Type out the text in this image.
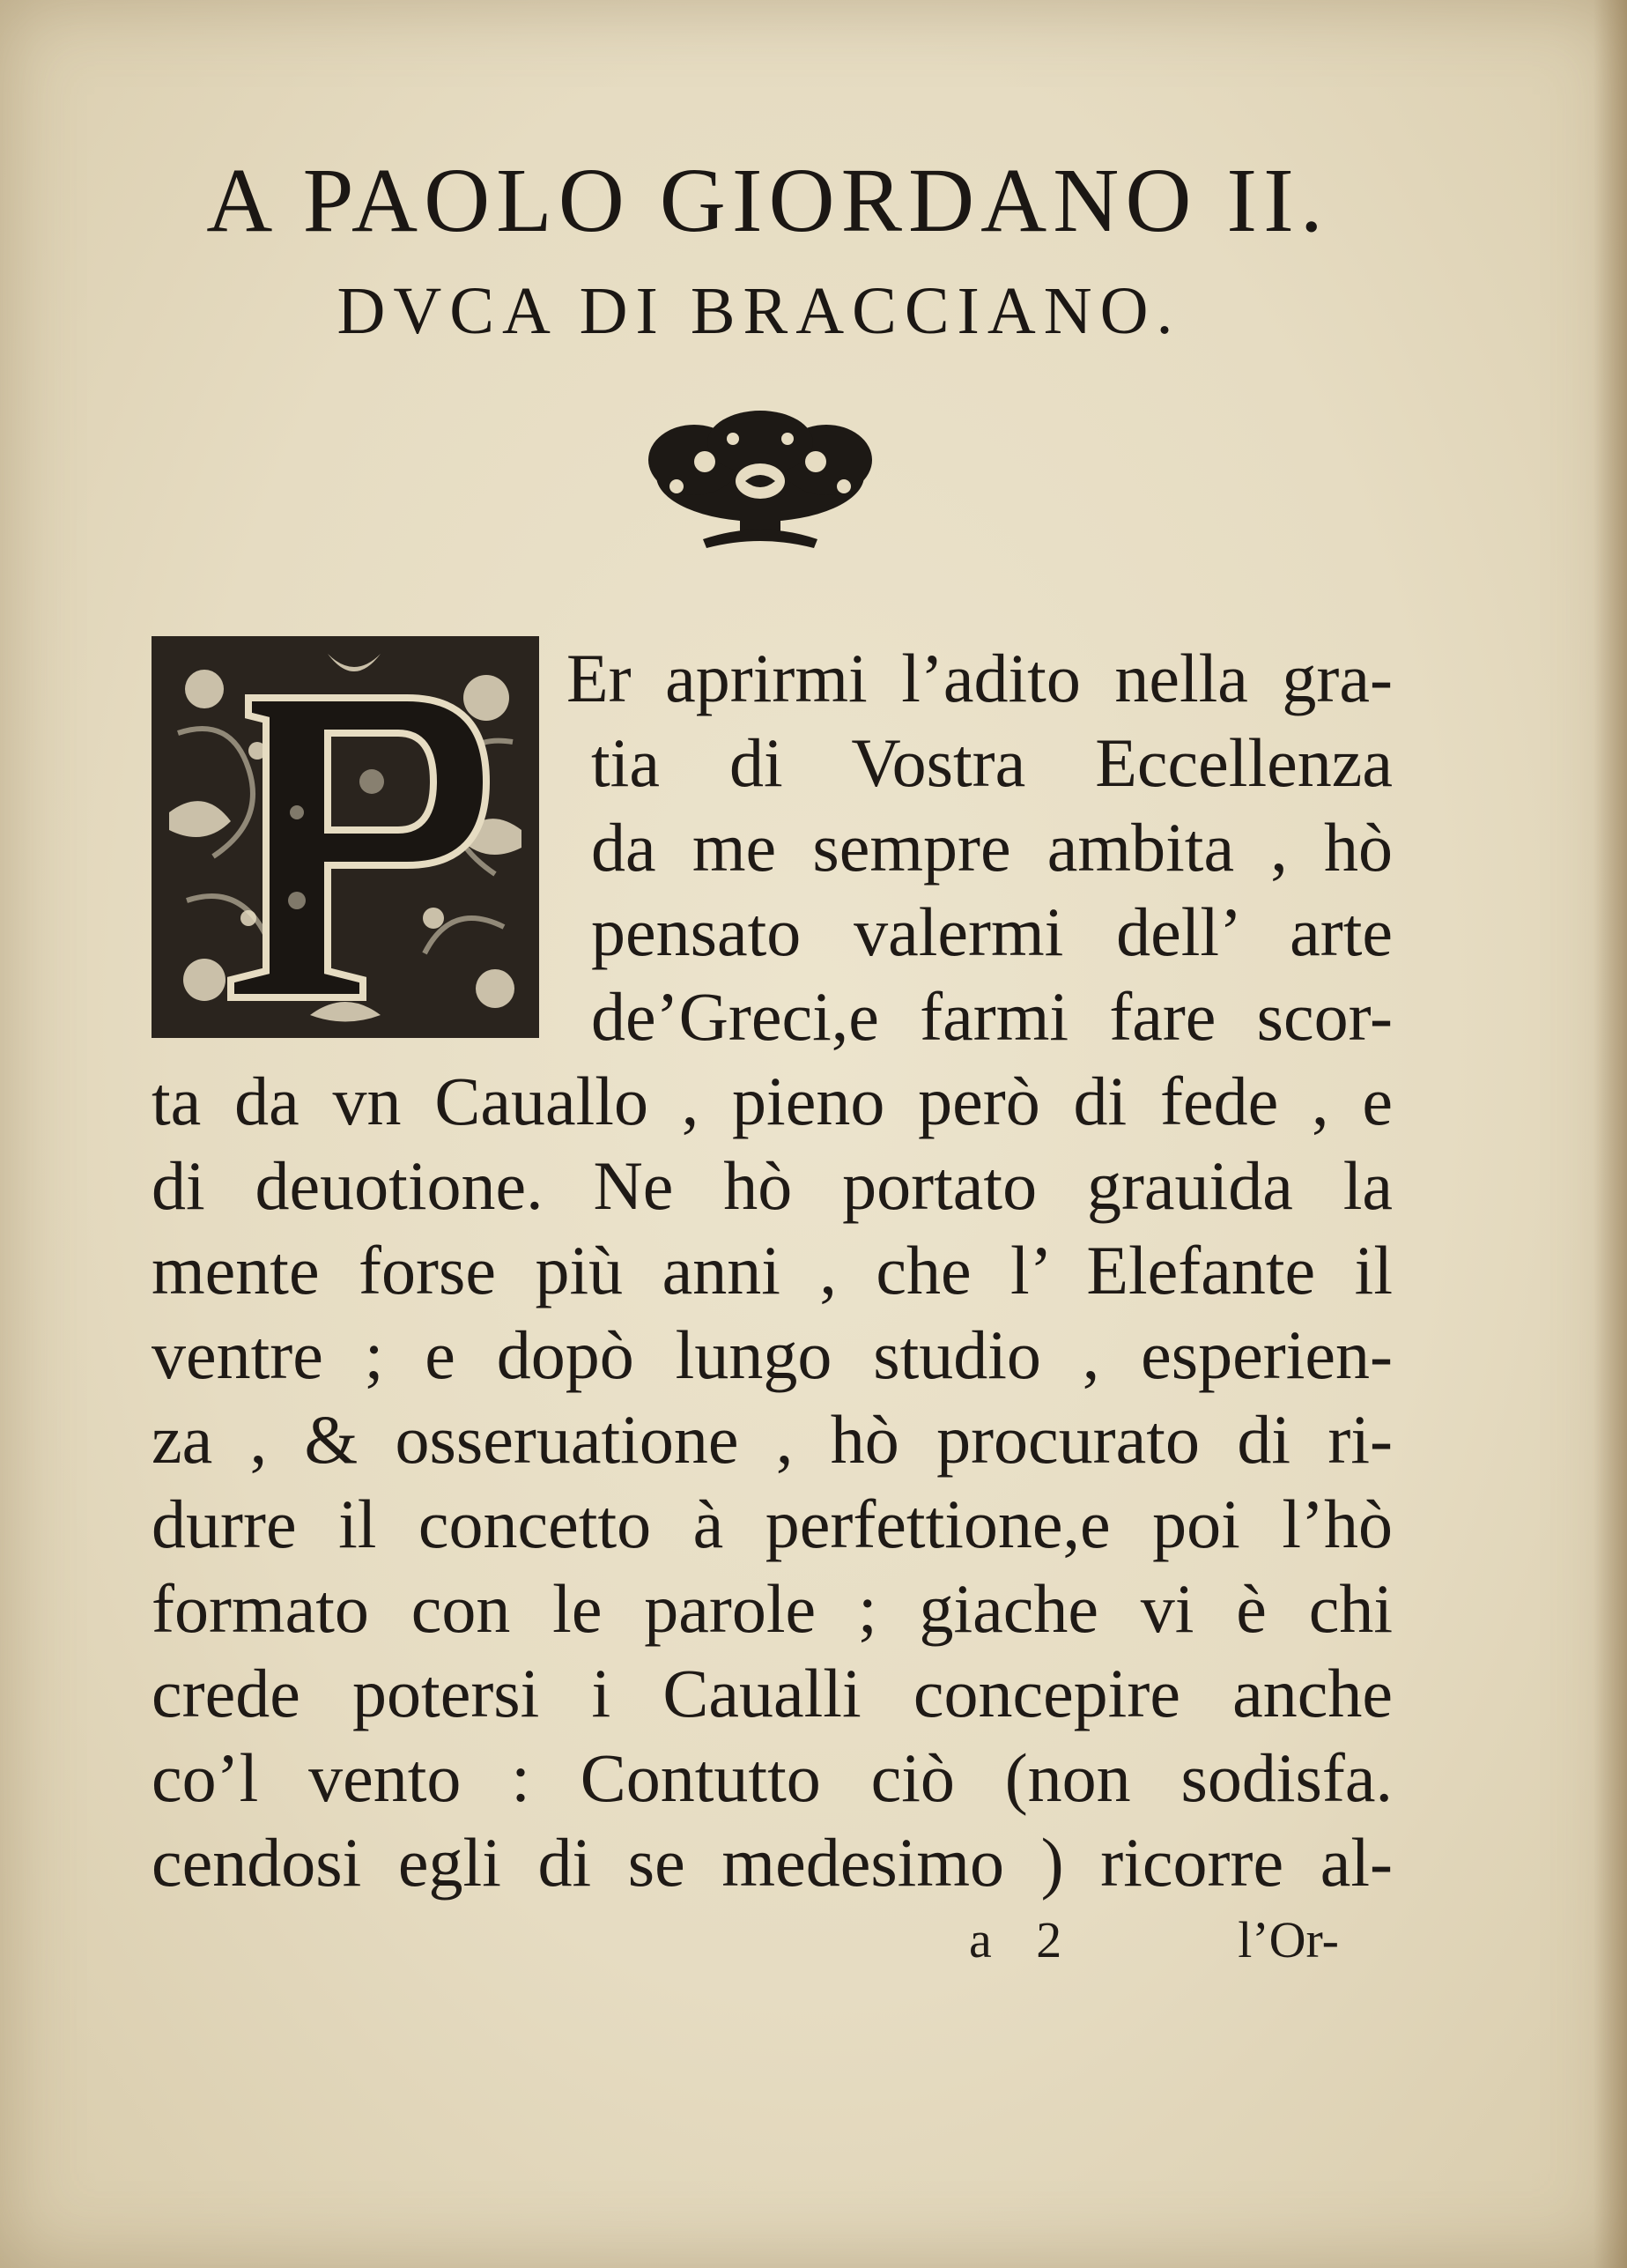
A PAOLO GIORDANO II.
DVCA DI BRACCIANO.
Er aprirmi l’adito nella gra-
tia di Vostra Eccellenza
da me sempre ambita , hò
pensato valermi dell’ arte
de’Greci,e farmi fare scor-
ta da vn Cauallo , pieno però di fede , e
di deuotione. Ne hò portato grauida la
mente forse più anni , che l’ Elefante il
ventre ; e dopò lungo studio , esperien-
za , & osseruatione , hò procurato di ri-
durre il concetto à perfettione,e poi l’hò
formato con le parole ; giache vi è chi
crede potersi i Caualli concepire anche
co’l vento : Contutto ciò (non sodisfa.
cendosi egli di se medesimo ) ricorre al-
a 2	l’Or-
